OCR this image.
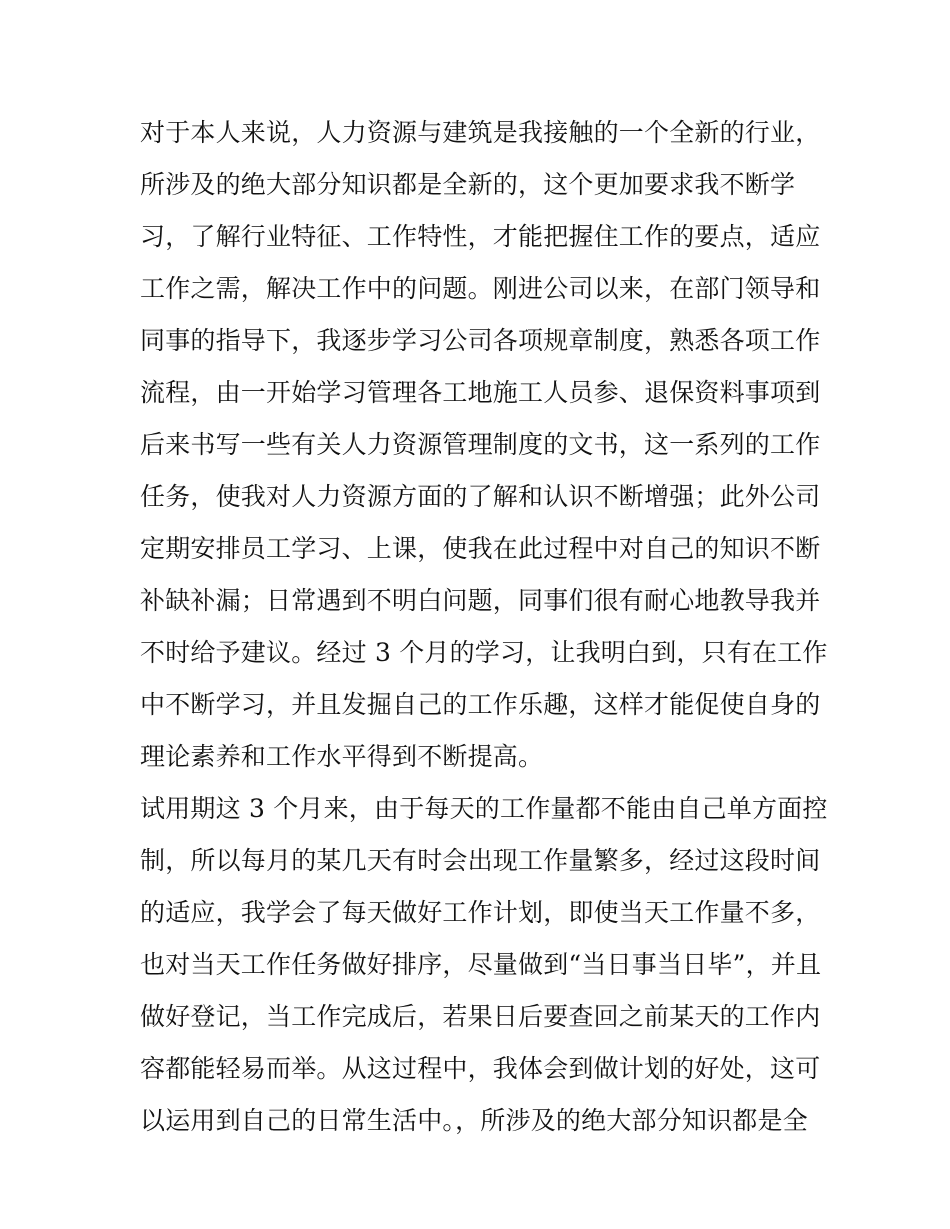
对于本人来说，人力资源与建筑是我接触的一个全新的行业，
所涉及的绝大部分知识都是全新的，这个更加要求我不断学
习，了解行业特征、工作特性，才能把握住工作的要点，适应
工作之需，解决工作中的问题。刚进公司以来，在部门领导和
同事的指导下，我逐步学习公司各项规章制度，熟悉各项工作
流程，由一开始学习管理各工地施工人员参、退保资料事项到
后来书写一些有关人力资源管理制度的文书，这一系列的工作
任务，使我对人力资源方面的了解和认识不断增强；此外公司
定期安排员工学习、上课，使我在此过程中对自己的知识不断
补缺补漏；日常遇到不明白问题，同事们很有耐心地教导我并
不时给予建议。经过 3 个月的学习，让我明白到，只有在工作
中不断学习，并且发掘自己的工作乐趣，这样才能促使自身的
理论素养和工作水平得到不断提高。
试用期这 3 个月来，由于每天的工作量都不能由自己单方面控
制，所以每月的某几天有时会出现工作量繁多，经过这段时间
的适应，我学会了每天做好工作计划，即使当天工作量不多，
也对当天工作任务做好排序，尽量做到“当日事当日毕”，并且
做好登记，当工作完成后，若果日后要查回之前某天的工作内
容都能轻易而举。从这过程中，我体会到做计划的好处，这可
以运用到自己的日常生活中。，所涉及的绝大部分知识都是全
